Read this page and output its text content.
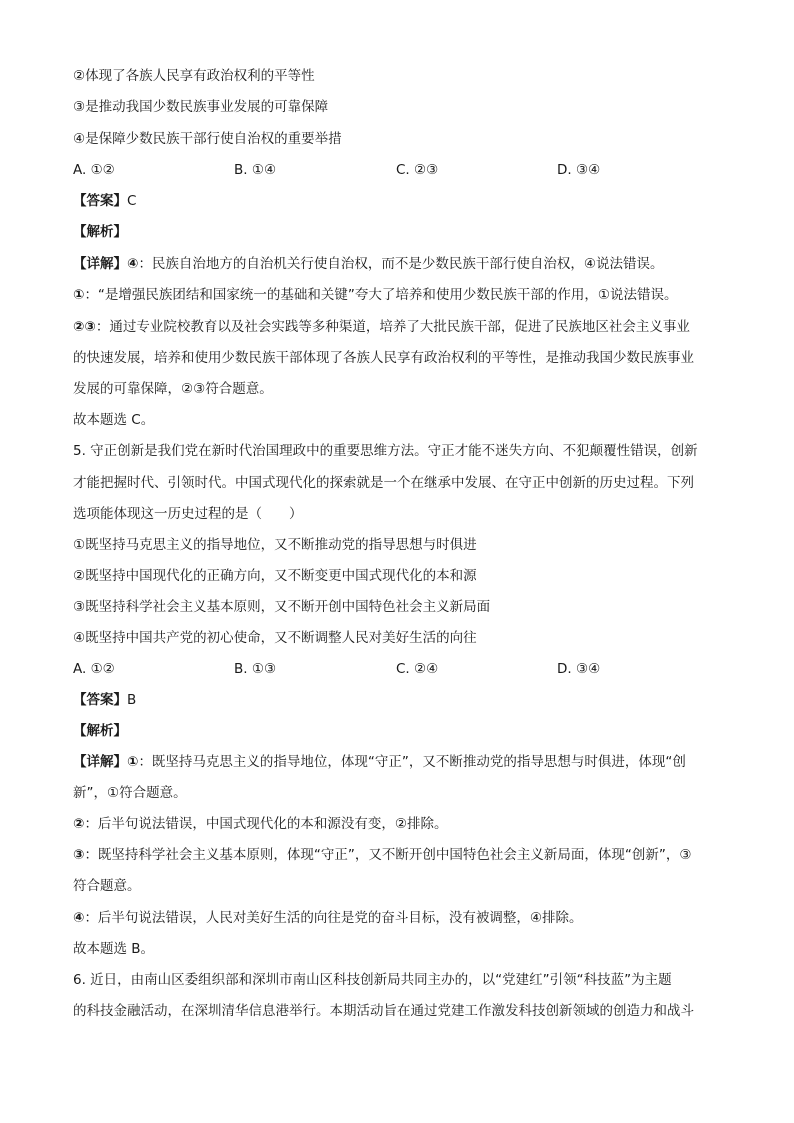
②体现了各族人民享有政治权利的平等性
③是推动我国少数民族事业发展的可靠保障
④是保障少数民族干部行使自治权的重要举措
A. ①②	B. ①④	C. ②③	D. ③④
【答案】C
【解析】
【详解】④：民族自治地方的自治机关行使自治权，而不是少数民族干部行使自治权，④说法错误。
①：“是增强民族团结和国家统一的基础和关键”夸大了培养和使用少数民族干部的作用，①说法错误。
②③：通过专业院校教育以及社会实践等多种渠道，培养了大批民族干部，促进了民族地区社会主义事业
的快速发展，培养和使用少数民族干部体现了各族人民享有政治权利的平等性，是推动我国少数民族事业
发展的可靠保障，②③符合题意。
故本题选 C。
5. 守正创新是我们党在新时代治国理政中的重要思维方法。守正才能不迷失方向、不犯颠覆性错误，创新
才能把握时代、引领时代。中国式现代化的探索就是一个在继承中发展、在守正中创新的历史过程。下列
选项能体现这一历史过程的是（　　）
①既坚持马克思主义的指导地位，又不断推动党的指导思想与时俱进
②既坚持中国现代化的正确方向，又不断变更中国式现代化的本和源
③既坚持科学社会主义基本原则，又不断开创中国特色社会主义新局面
④既坚持中国共产党的初心使命，又不断调整人民对美好生活的向往
A. ①②	B. ①③	C. ②④	D. ③④
【答案】B
【解析】
【详解】①：既坚持马克思主义的指导地位，体现“守正”，又不断推动党的指导思想与时俱进，体现“创
新”，①符合题意。
②：后半句说法错误，中国式现代化的本和源没有变，②排除。
③：既坚持科学社会主义基本原则，体现“守正”，又不断开创中国特色社会主义新局面，体现“创新”，③
符合题意。
④：后半句说法错误，人民对美好生活的向往是党的奋斗目标，没有被调整，④排除。
故本题选 B。
6. 近日，由南山区委组织部和深圳市南山区科技创新局共同主办的，以“党建红”引领“科技蓝”为主题
的科技金融活动，在深圳清华信息港举行。本期活动旨在通过党建工作激发科技创新领域的创造力和战斗
